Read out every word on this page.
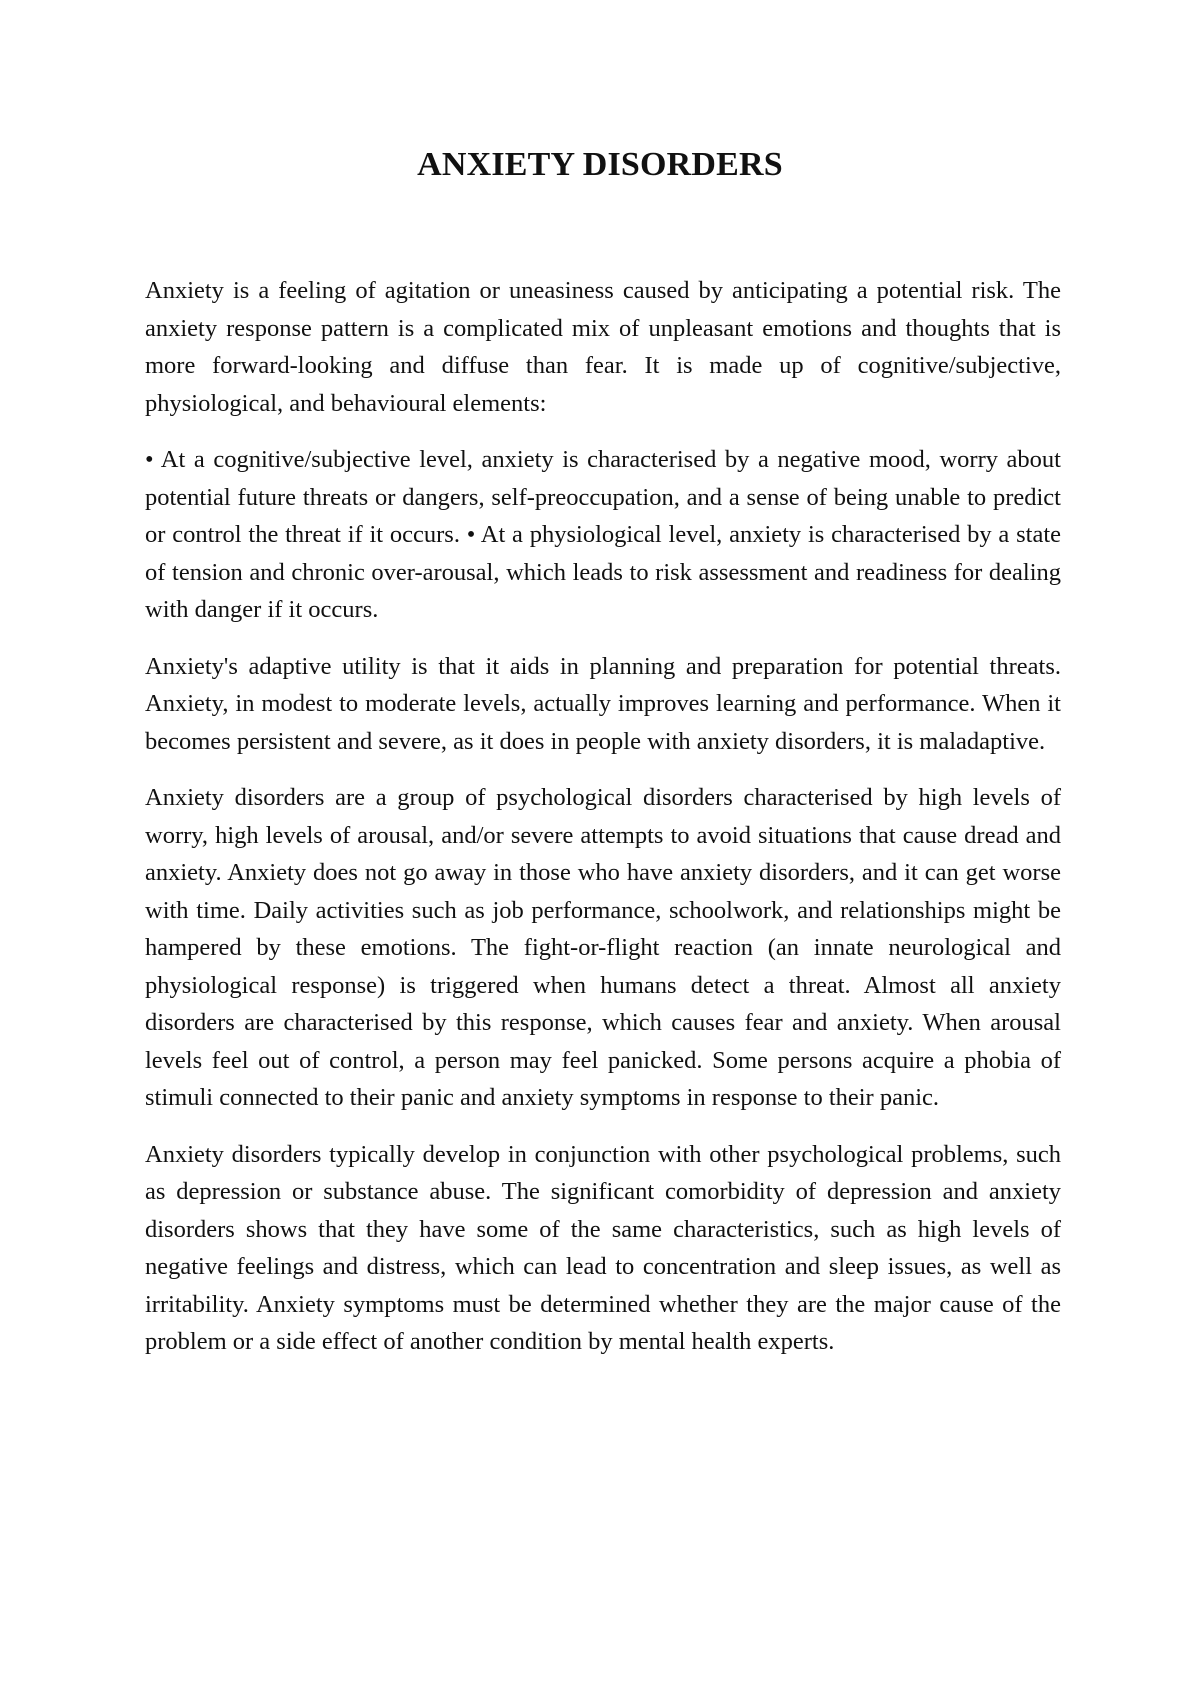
ANXIETY DISORDERS

Anxiety is a feeling of agitation or uneasiness caused by anticipating a potential risk. The anxiety response pattern is a complicated mix of unpleasant emotions and thoughts that is more forward-looking and diffuse than fear. It is made up of cognitive/subjective, physiological, and behavioural elements:

• At a cognitive/subjective level, anxiety is characterised by a negative mood, worry about potential future threats or dangers, self-preoccupation, and a sense of being unable to predict or control the threat if it occurs. • At a physiological level, anxiety is characterised by a state of tension and chronic over-arousal, which leads to risk assessment and readiness for dealing with danger if it occurs.

Anxiety's adaptive utility is that it aids in planning and preparation for potential threats. Anxiety, in modest to moderate levels, actually improves learning and performance. When it becomes persistent and severe, as it does in people with anxiety disorders, it is maladaptive.

Anxiety disorders are a group of psychological disorders characterised by high levels of worry, high levels of arousal, and/or severe attempts to avoid situations that cause dread and anxiety. Anxiety does not go away in those who have anxiety disorders, and it can get worse with time. Daily activities such as job performance, schoolwork, and relationships might be hampered by these emotions. The fight-or-flight reaction (an innate neurological and physiological response) is triggered when humans detect a threat. Almost all anxiety disorders are characterised by this response, which causes fear and anxiety. When arousal levels feel out of control, a person may feel panicked. Some persons acquire a phobia of stimuli connected to their panic and anxiety symptoms in response to their panic.

Anxiety disorders typically develop in conjunction with other psychological problems, such as depression or substance abuse. The significant comorbidity of depression and anxiety disorders shows that they have some of the same characteristics, such as high levels of negative feelings and distress, which can lead to concentration and sleep issues, as well as irritability. Anxiety symptoms must be determined whether they are the major cause of the problem or a side effect of another condition by mental health experts.
